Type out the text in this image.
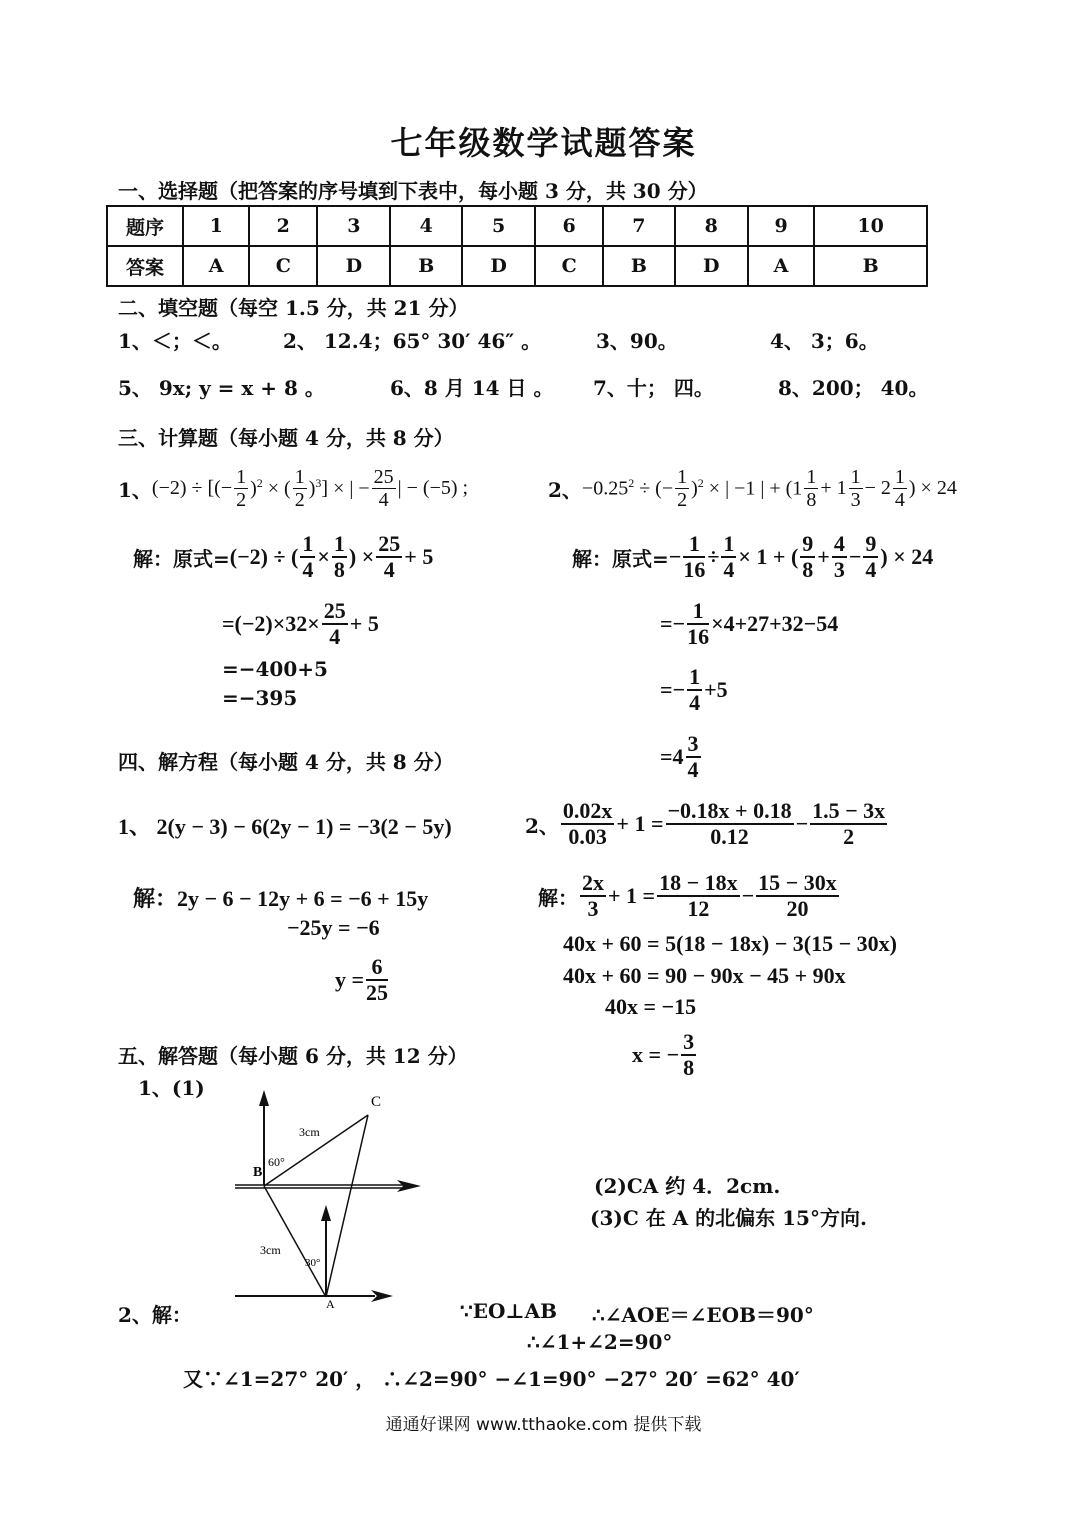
七年级数学试题答案
一、选择题（把答案的序号填到下表中，每小题 3 分，共 30 分）
题序	1	2	3	4	5	6	7	8	9	10
答案	A	C	D	B	D	C	B	D	A	B
二、填空题（每空 1.5 分，共 21 分）
1、＜；＜。	2、 12.4；65° 30′ 46″ 。	3、90。	4、 3；6。
5、 9x; y = x + 8 。	6、8 月 14 日 。 7、十； 四。	8、200； 40。
三、计算题（每小题 4 分，共 8 分）
1、 (−2) ÷ [(− $\frac{1}{2} )^2$ × ( $\frac{1}{2} )^3$] × | − $\frac{25}{4}$ | − (−5) ;	2、 $-0.25^2$ ÷ (− $\frac{1}{2} )^2$ × | −1 | + ($1 \frac{1}{8} + 1 \frac{1}{3} - 2 \frac{1}{4}$ ) × 24
解：原式= (−2) ÷ ( $\frac{1}{4} \times \frac{1}{8}$ ) × $\frac{25}{4} + 5$
$=(-2)\times 32\times \frac{25}{4} + 5$
=−400+5
=−395
解：原式= − $\frac{1}{16} \div \frac{1}{4} \times 1$ + ( $\frac{9}{8} + \frac{4}{3} - \frac{9}{4}$ ) × 24
=− $\frac{1}{16} \times 4+27+32-54$
=− $\frac{1}{4} +5$
$=4 \frac{3}{4}$
四、解方程（每小题 4 分，共 8 分）
1、 2(y − 3) − 6(2y − 1) = −3(2 − 5y)	2、 $\frac{0.02x}{0.03} + 1 = \frac{-0.18x + 0.18}{0.12} - \frac{1.5 - 3x}{2}$
解：2y − 6 − 12y + 6 = −6 + 15y
−25y = −6
$y = \frac{6}{25}$
解： $\frac{2x}{3} + 1 = \frac{18 - 18x}{12} - \frac{15 - 30x}{20}$
40x + 60 = 5(18 − 18x) − 3(15 − 30x)
40x + 60 = 90 − 90x − 45 + 90x
40x = −15
x = − $\frac{3}{8}$
五、解答题（每小题 6 分，共 12 分）
1、(1)
B
C
A
3cm
3cm
60°
30°
(2)CA 约 4．2cm.
(3)C 在 A 的北偏东 15°方向.
2、解：	∵EO⊥AB ∴∠AOE＝∠EOB＝90°
∴∠1+∠2=90°
又∵∠1=27° 20′ ， ∴∠2=90° −∠1=90° −27° 20′ =62° 40′
通通好课网 www.tthaoke.com 提供下载
